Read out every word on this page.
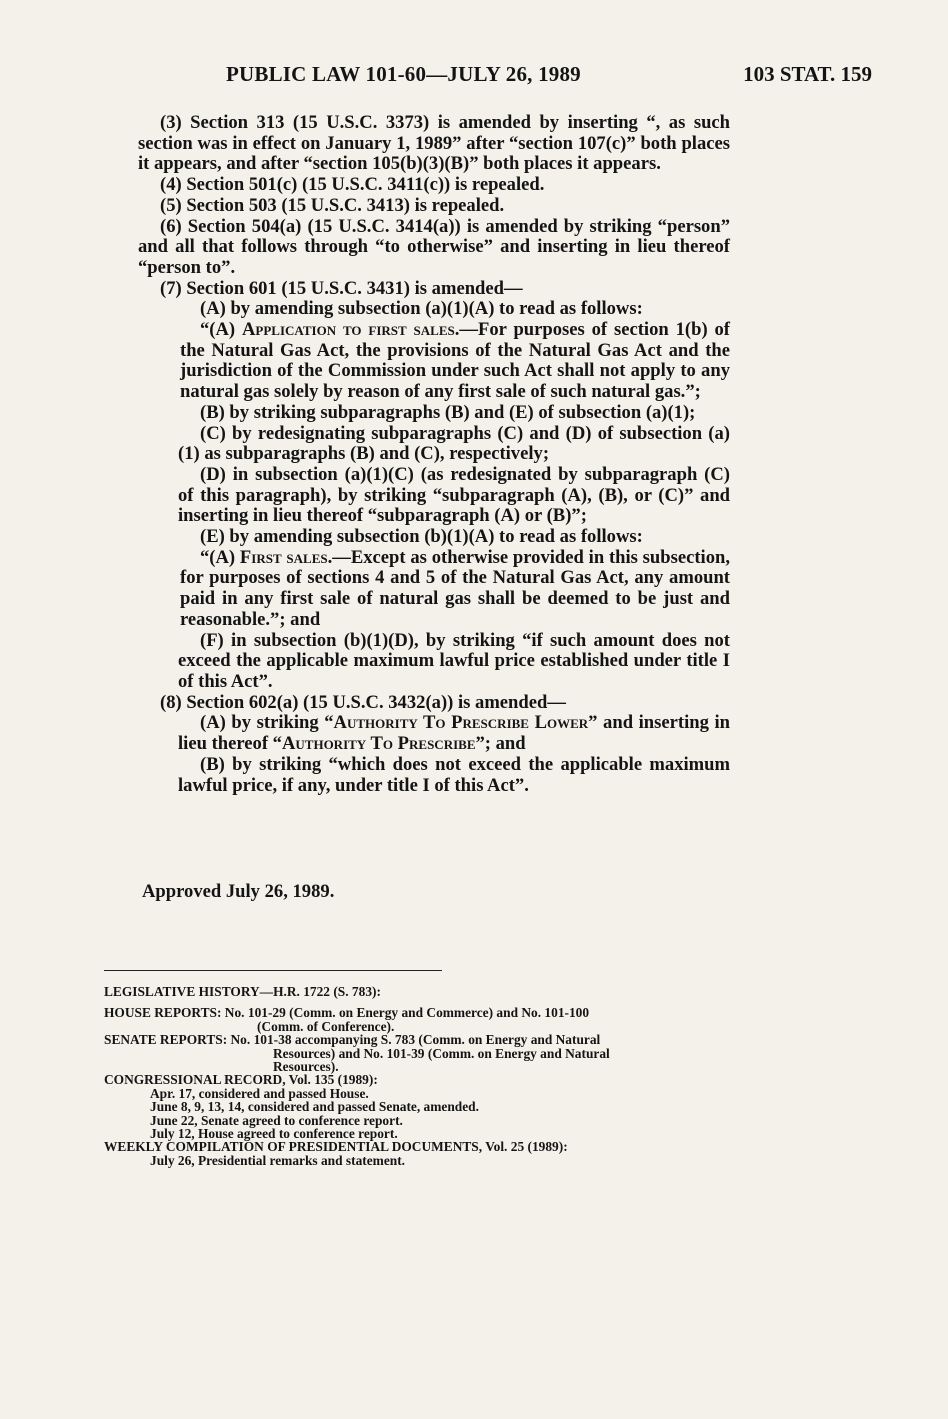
PUBLIC LAW 101-60—JULY 26, 1989	103 STAT. 159

(3) Section 313 (15 U.S.C. 3373) is amended by inserting “, as such section was in effect on January 1, 1989” after “section 107(c)” both places it appears, and after “section 105(b)(3)(B)” both places it appears.

(4) Section 501(c) (15 U.S.C. 3411(c)) is repealed.

(5) Section 503 (15 U.S.C. 3413) is repealed.

(6) Section 504(a) (15 U.S.C. 3414(a)) is amended by striking “person” and all that follows through “to otherwise” and inserting in lieu thereof “person to”.

(7) Section 601 (15 U.S.C. 3431) is amended—

(A) by amending subsection (a)(1)(A) to read as follows:

“(A) Application to first sales.—For purposes of section 1(b) of the Natural Gas Act, the provisions of the Natural Gas Act and the jurisdiction of the Commission under such Act shall not apply to any natural gas solely by reason of any first sale of such natural gas.”;

(B) by striking subparagraphs (B) and (E) of subsection (a)(1);

(C) by redesignating subparagraphs (C) and (D) of subsection (a)(1) as subparagraphs (B) and (C), respectively;

(D) in subsection (a)(1)(C) (as redesignated by subparagraph (C) of this paragraph), by striking “subparagraph (A), (B), or (C)” and inserting in lieu thereof “subparagraph (A) or (B)”;

(E) by amending subsection (b)(1)(A) to read as follows:

“(A) First sales.—Except as otherwise provided in this subsection, for purposes of sections 4 and 5 of the Natural Gas Act, any amount paid in any first sale of natural gas shall be deemed to be just and reasonable.”; and

(F) in subsection (b)(1)(D), by striking “if such amount does not exceed the applicable maximum lawful price established under title I of this Act”.

(8) Section 602(a) (15 U.S.C. 3432(a)) is amended—

(A) by striking “Authority To Prescribe Lower” and inserting in lieu thereof “Authority To Prescribe”; and

(B) by striking “which does not exceed the applicable maximum lawful price, if any, under title I of this Act”.

Approved July 26, 1989.
LEGISLATIVE HISTORY—H.R. 1722 (S. 783):
HOUSE REPORTS: No. 101-29 (Comm. on Energy and Commerce) and No. 101-100
(Comm. of Conference).
SENATE REPORTS: No. 101-38 accompanying S. 783 (Comm. on Energy and Natural
Resources) and No. 101-39 (Comm. on Energy and Natural
Resources).
CONGRESSIONAL RECORD, Vol. 135 (1989):
Apr. 17, considered and passed House.
June 8, 9, 13, 14, considered and passed Senate, amended.
June 22, Senate agreed to conference report.
July 12, House agreed to conference report.
WEEKLY COMPILATION OF PRESIDENTIAL DOCUMENTS, Vol. 25 (1989):
July 26, Presidential remarks and statement.
